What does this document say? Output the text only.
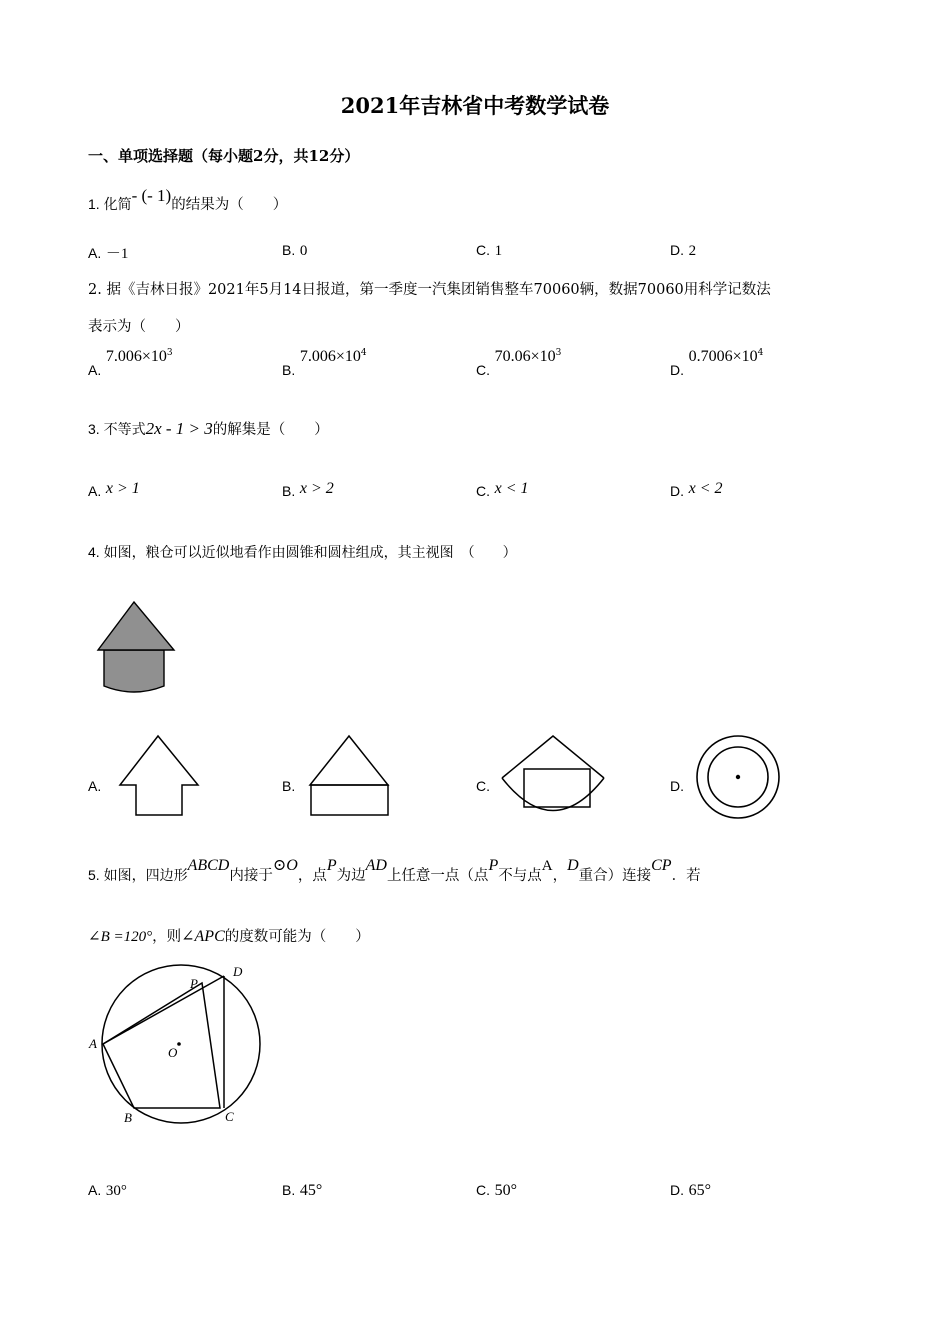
2021年吉林省中考数学试卷
一、单项选择题（每小题2分，共12分）
1. 化简- (- 1)的结果为（　　）
A. －1	B. 0	C. 1	D. 2
2. 据《吉林日报》2021年5月14日报道，第一季度一汽集团销售整车70060辆，数据70060用科学记数法
表示为（　　）
A. $7.006\times 10^3$
B. $7.006\times 10^4$
C. $70.06\times 10^3$
D. $0.7006\times 10^4$
3. 不等式2x - 1 > 3的解集是（　　）
A. x > 1	B. x > 2	C. x < 1	D. x < 2
4. 如图，粮仓可以近似地看作由圆锥和圆柱组成，其主视图　（　　）
A.	B.	C.	D.
5. 如图，四边形ABCD内接于⊙O，点P为边AD上任意一点（点P不与点A，D重合）连接CP．若
∠B =120°，则∠APC的度数可能为（　　）
A
B	C
D
P
O
A. 30°	B. 45°	C. 50°	D. 65°
